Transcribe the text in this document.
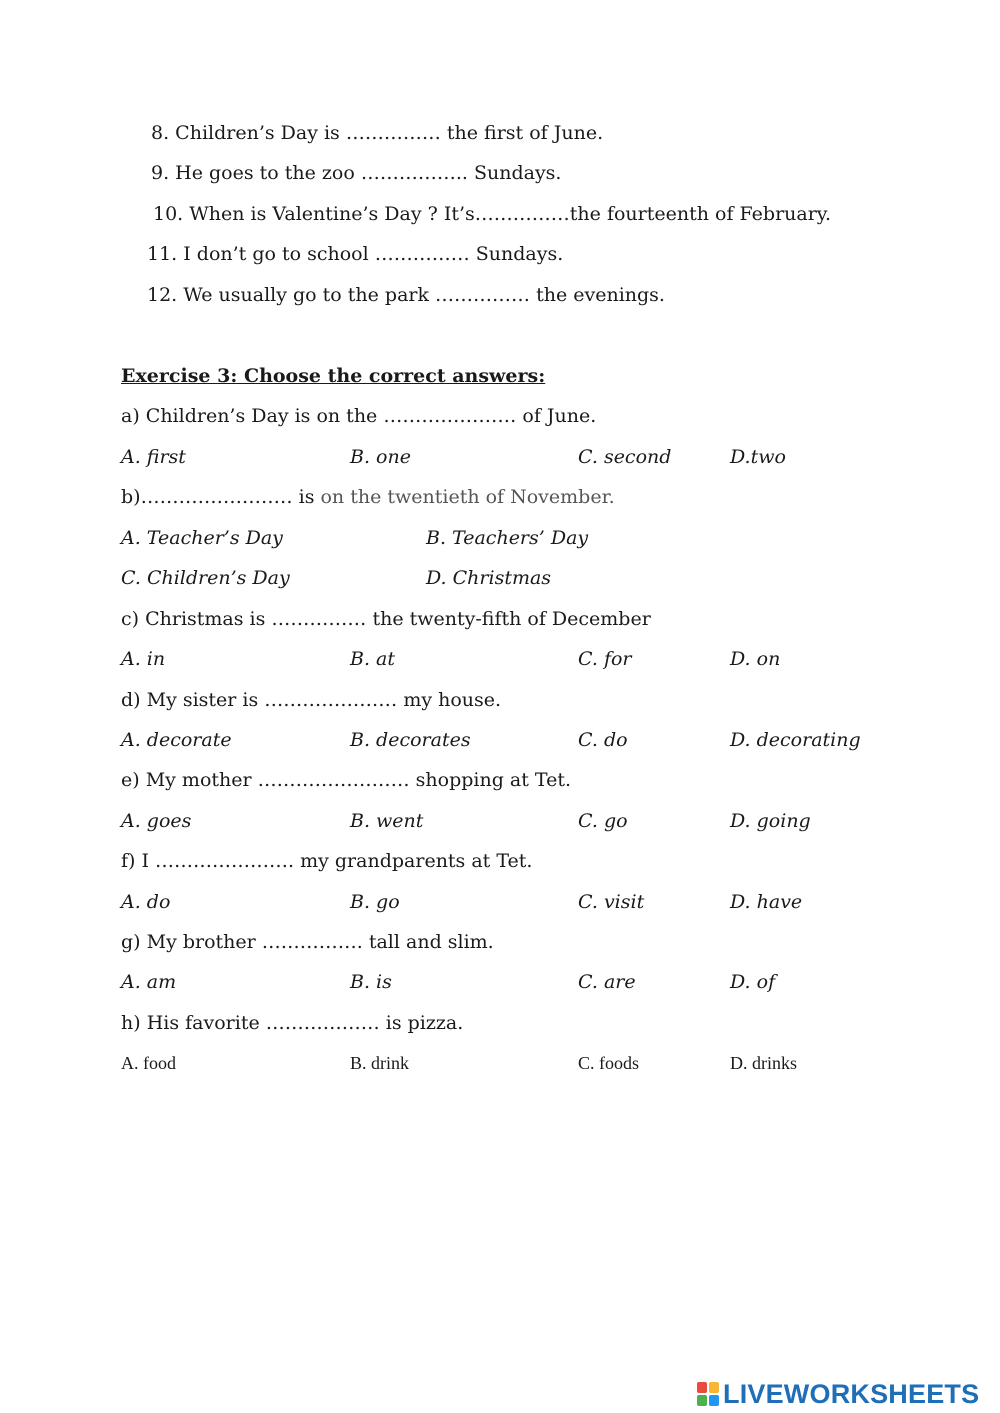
8. Children’s Day is …………… the first of June.
9. He goes to the zoo …………….. Sundays.
10. When is Valentine’s Day ? It’s……………the fourteenth of February.
11. I don’t go to school …………… Sundays.
12. We usually go to the park …………… the evenings.
Exercise 3: Choose the correct answers:
a) Children’s Day is on the ………………… of June.
A. first	B. one	C. second	D.two
b)…………………… is on the twentieth of November.
A. Teacher’s Day	B. Teachers’ Day
C. Children’s Day	D. Christmas
c) Christmas is …………… the twenty-fifth of December
A. in	B. at	C. for	D. on
d) My sister is ………………… my house.
A. decorate	B. decorates	C. do	D. decorating
e) My mother …………………… shopping at Tet.
A. goes	B. went	C. go	D. going
f) I …………………. my grandparents at Tet.
A. do	B. go	C. visit	D. have
g) My brother ……………. tall and slim.
A. am	B. is	C. are	D. of
h) His favorite ……………… is pizza.
A. food	B. drink	C. foods	D. drinks
LIVEWORKSHEETS
